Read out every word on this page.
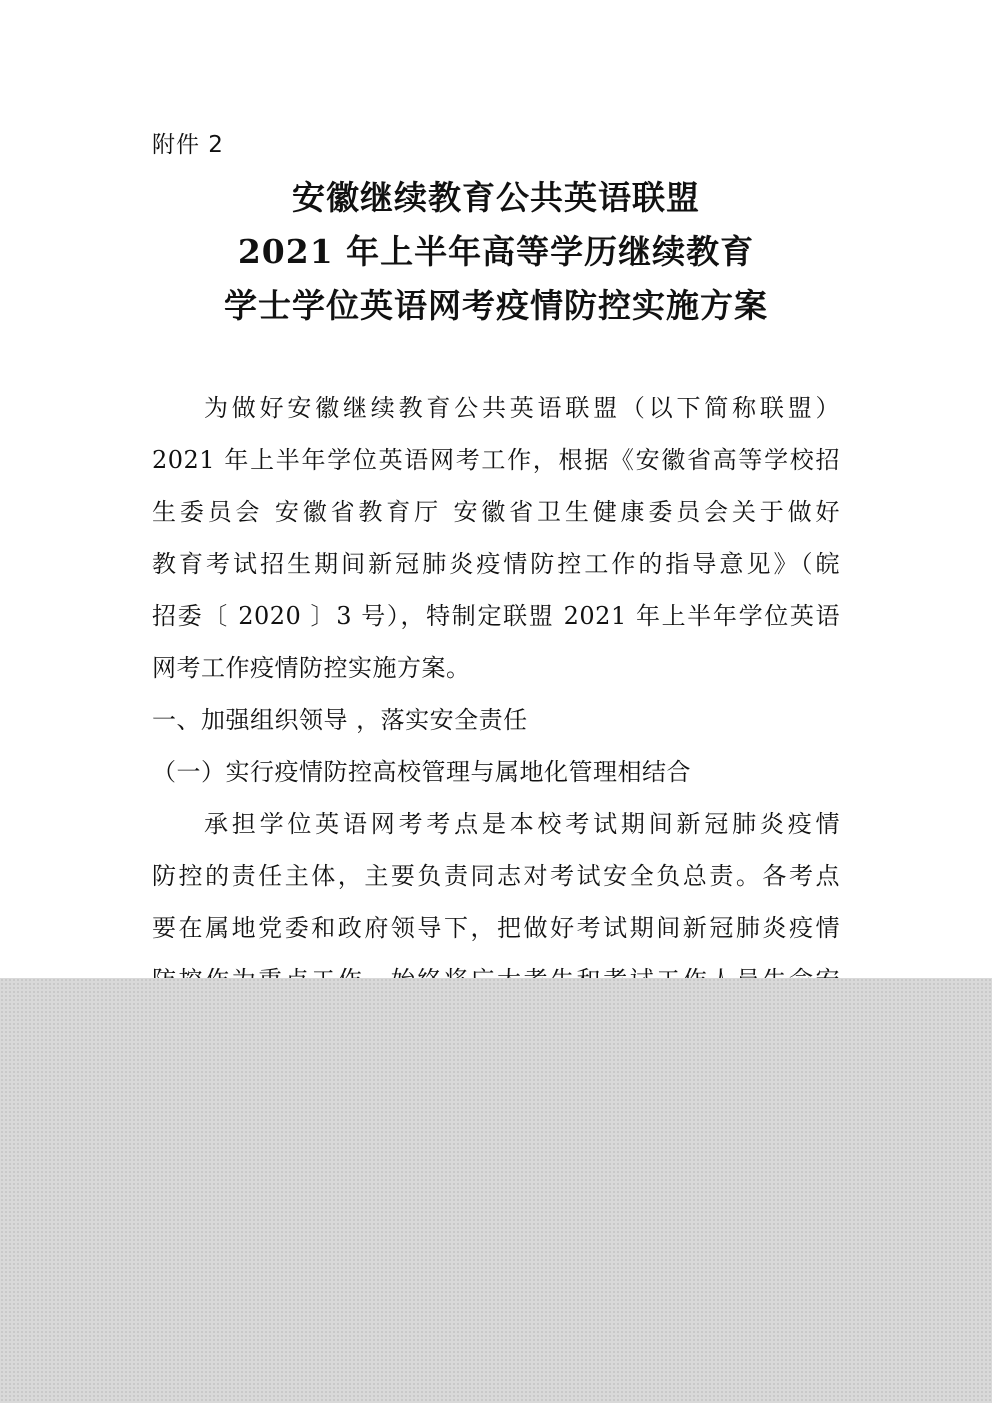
附件 2
安徽继续教育公共英语联盟
2021 年上半年高等学历继续教育
学士学位英语网考疫情防控实施方案
为做好安徽继续教育公共英语联盟（以下简称联盟）
2021 年上半年学位英语网考工作，根据《安徽省高等学校招
生委员会 安徽省教育厅 安徽省卫生健康委员会关于做好
教育考试招生期间新冠肺炎疫情防控工作的指导意见》（皖
招委〔 2020 〕3 号），特制定联盟 2021 年上半年学位英语
网考工作疫情防控实施方案。
一、加强组织领导 ，落实安全责任
（一）实行疫情防控高校管理与属地化管理相结合
承担学位英语网考考点是本校考试期间新冠肺炎疫情
防控的责任主体，主要负责同志对考试安全负总责。各考点
要在属地党委和政府领导下，把做好考试期间新冠肺炎疫情
